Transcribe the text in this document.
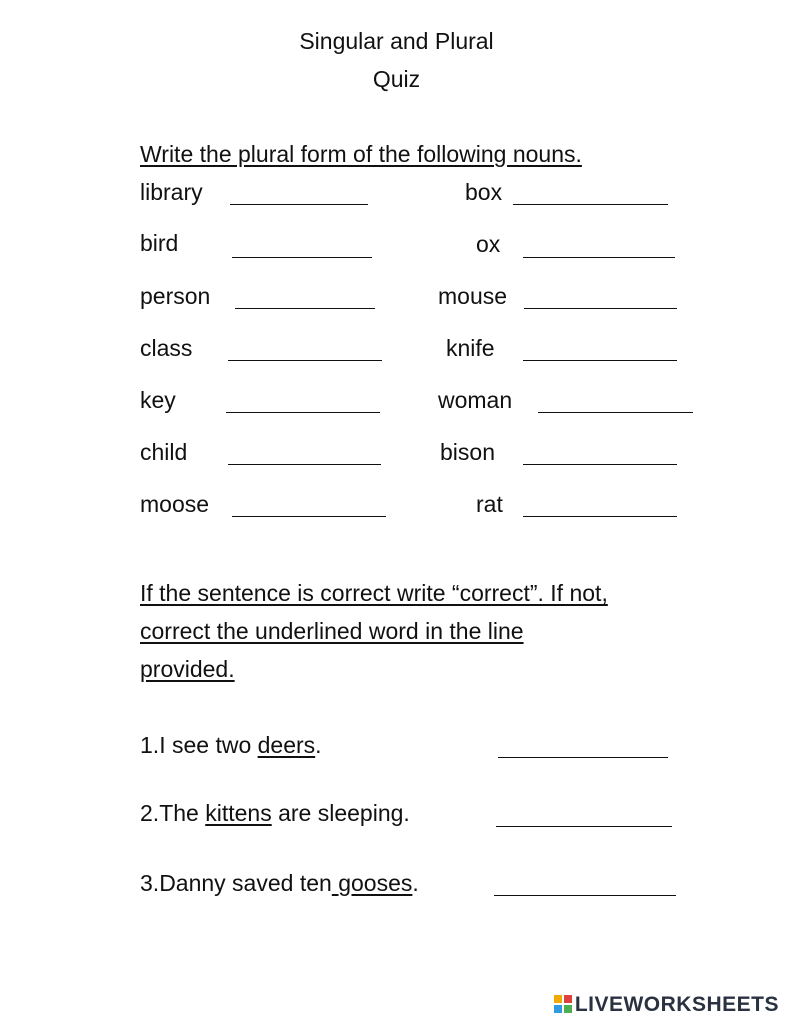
Singular and Plural
Quiz
Write the plural form of the following nouns.
library	box
bird	ox
person	mouse
class	knife
key	woman
child	bison
moose	rat
If the sentence is correct write “correct”. If not,
correct the underlined word in the line
provided.
1.I see two deers.
2.The kittens are sleeping.
3.Danny saved ten gooses.
LIVEWORKSHEETS
